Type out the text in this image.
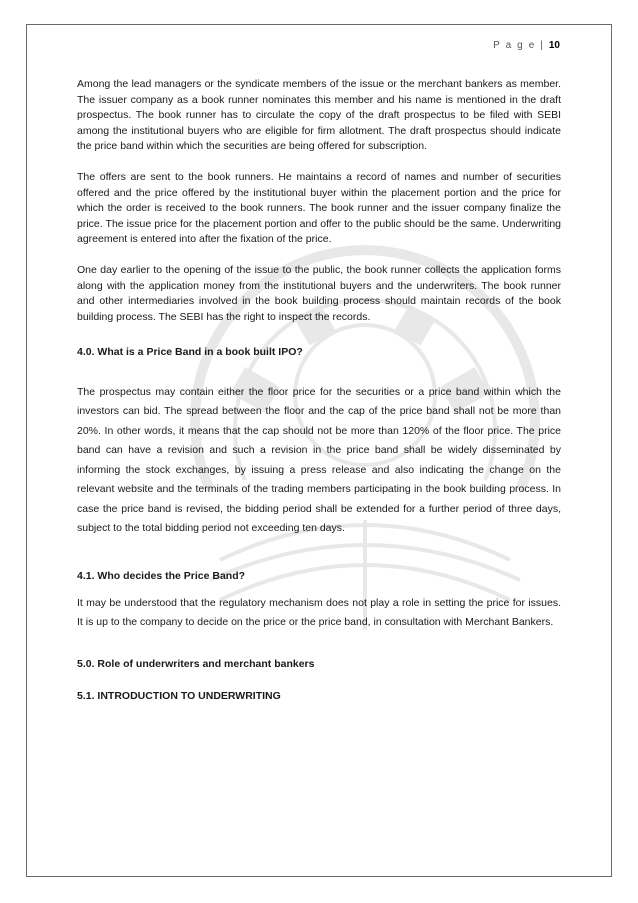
P a g e | 10

Among the lead managers or the syndicate members of the issue or the merchant bankers as member. The issuer company as a book runner nominates this member and his name is mentioned in the draft prospectus. The book runner has to circulate the copy of the draft prospectus to be filed with SEBI among the institutional buyers who are eligible for firm allotment. The draft prospectus should indicate the price band within which the securities are being offered for subscription.

The offers are sent to the book runners. He maintains a record of names and number of securities offered and the price offered by the institutional buyer within the placement portion and the price for which the order is received to the book runners. The book runner and the issuer company finalize the price. The issue price for the placement portion and offer to the public should be the same. Underwriting agreement is entered into after the fixation of the price.

One day earlier to the opening of the issue to the public, the book runner collects the application forms along with the application money from the institutional buyers and the underwriters. The book runner and other intermediaries involved in the book building process should maintain records of the book building process. The SEBI has the right to inspect the records.

4.0. What is a Price Band in a book built IPO?

The prospectus may contain either the floor price for the securities or a price band within which the investors can bid. The spread between the floor and the cap of the price band shall not be more than 20%. In other words, it means that the cap should not be more than 120% of the floor price. The price band can have a revision and such a revision in the price band shall be widely disseminated by informing the stock exchanges, by issuing a press release and also indicating the change on the relevant website and the terminals of the trading members participating in the book building process. In case the price band is revised, the bidding period shall be extended for a further period of three days, subject to the total bidding period not exceeding ten days.

4.1. Who decides the Price Band?

It may be understood that the regulatory mechanism does not play a role in setting the price for issues. It is up to the company to decide on the price or the price band, in consultation with Merchant Bankers.

5.0. Role of underwriters and merchant bankers

5.1. INTRODUCTION TO UNDERWRITING
